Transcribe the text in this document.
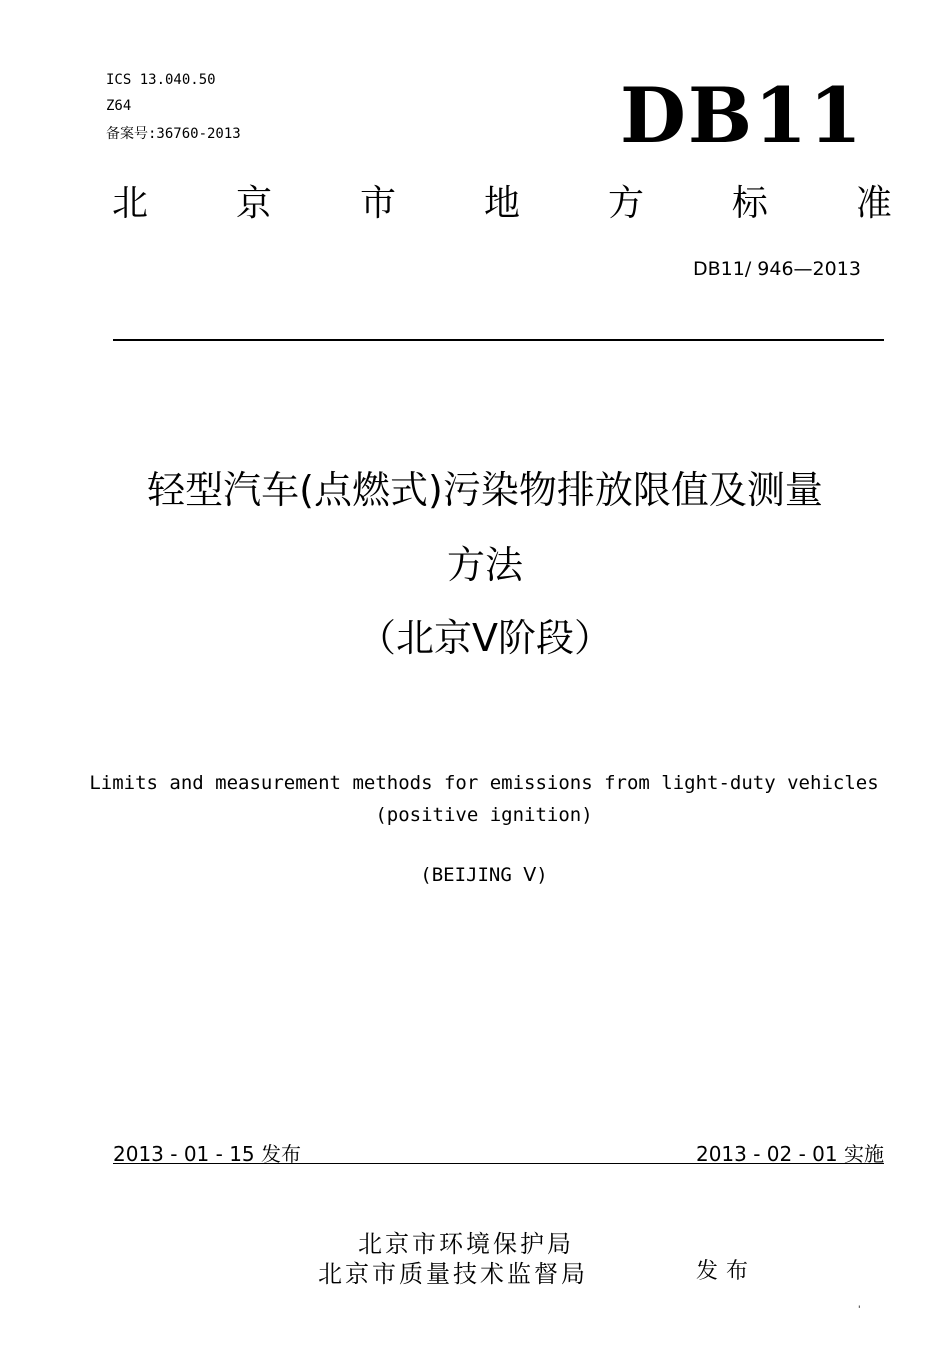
ICS 13.040.50
Z64
备案号:36760-2013	DB11
北 京 市 地 方 标 准
DB11/ 946—2013
轻型汽车(点燃式)污染物排放限值及测量
方法
（北京Ⅴ阶段）
Limits and measurement methods for emissions from light-duty vehicles
(positive ignition)
(BEIJING Ⅴ)
2013 - 01 - 15 发布	2013 - 02 - 01 实施
北京市环境保护局
北京市质量技术监督局	发布
'
